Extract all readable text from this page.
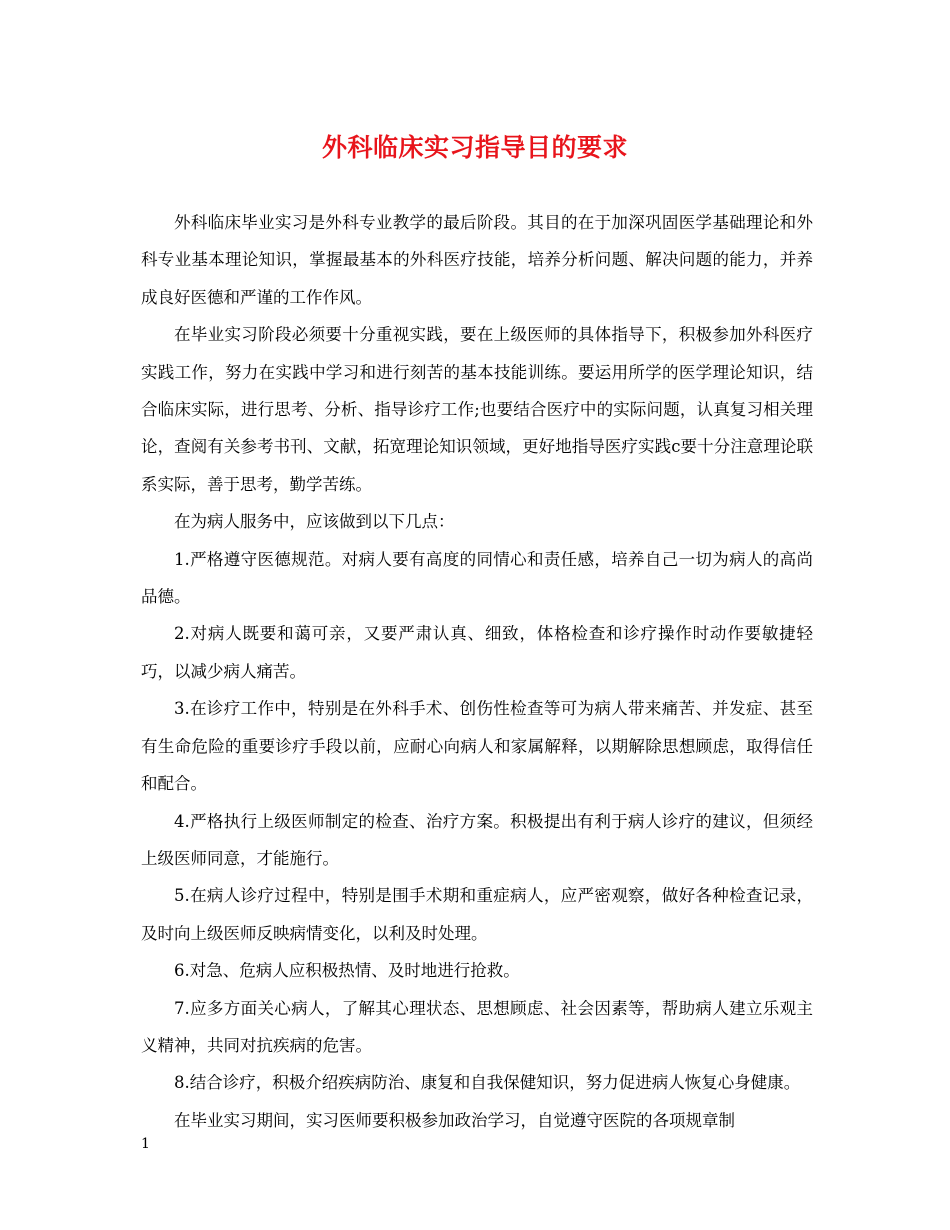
外科临床实习指导目的要求

外科临床毕业实习是外科专业教学的最后阶段。其目的在于加深巩固医学基础理论和外科专业基本理论知识，掌握最基本的外科医疗技能，培养分析问题、解决问题的能力，并养成良好医德和严谨的工作作风。

在毕业实习阶段必须要十分重视实践，要在上级医师的具体指导下，积极参加外科医疗实践工作，努力在实践中学习和进行刻苦的基本技能训练。要运用所学的医学理论知识，结合临床实际，进行思考、分析、指导诊疗工作;也要结合医疗中的实际问题，认真复习相关理论，查阅有关参考书刊、文献，拓宽理论知识领域，更好地指导医疗实践c要十分注意理论联系实际，善于思考，勤学苦练。

在为病人服务中，应该做到以下几点：

1.严格遵守医德规范。对病人要有高度的同情心和责任感，培养自己一切为病人的高尚品德。

2.对病人既要和蔼可亲，又要严肃认真、细致，体格检查和诊疗操作时动作要敏捷轻巧，以减少病人痛苦。

3.在诊疗工作中，特别是在外科手术、创伤性检查等可为病人带来痛苦、并发症、甚至有生命危险的重要诊疗手段以前，应耐心向病人和家属解释，以期解除思想顾虑，取得信任和配合。

4.严格执行上级医师制定的检查、治疗方案。积极提出有利于病人诊疗的建议，但须经上级医师同意，才能施行。

5.在病人诊疗过程中，特别是围手术期和重症病人，应严密观察，做好各种检查记录，及时向上级医师反映病情变化，以利及时处理。

6.对急、危病人应积极热情、及时地进行抢救。

7.应多方面关心病人，了解其心理状态、思想顾虑、社会因素等，帮助病人建立乐观主义精神，共同对抗疾病的危害。

8.结合诊疗，积极介绍疾病防治、康复和自我保健知识，努力促进病人恢复心身健康。

在毕业实习期间，实习医师要积极参加政治学习，自觉遵守医院的各项规章制

1
